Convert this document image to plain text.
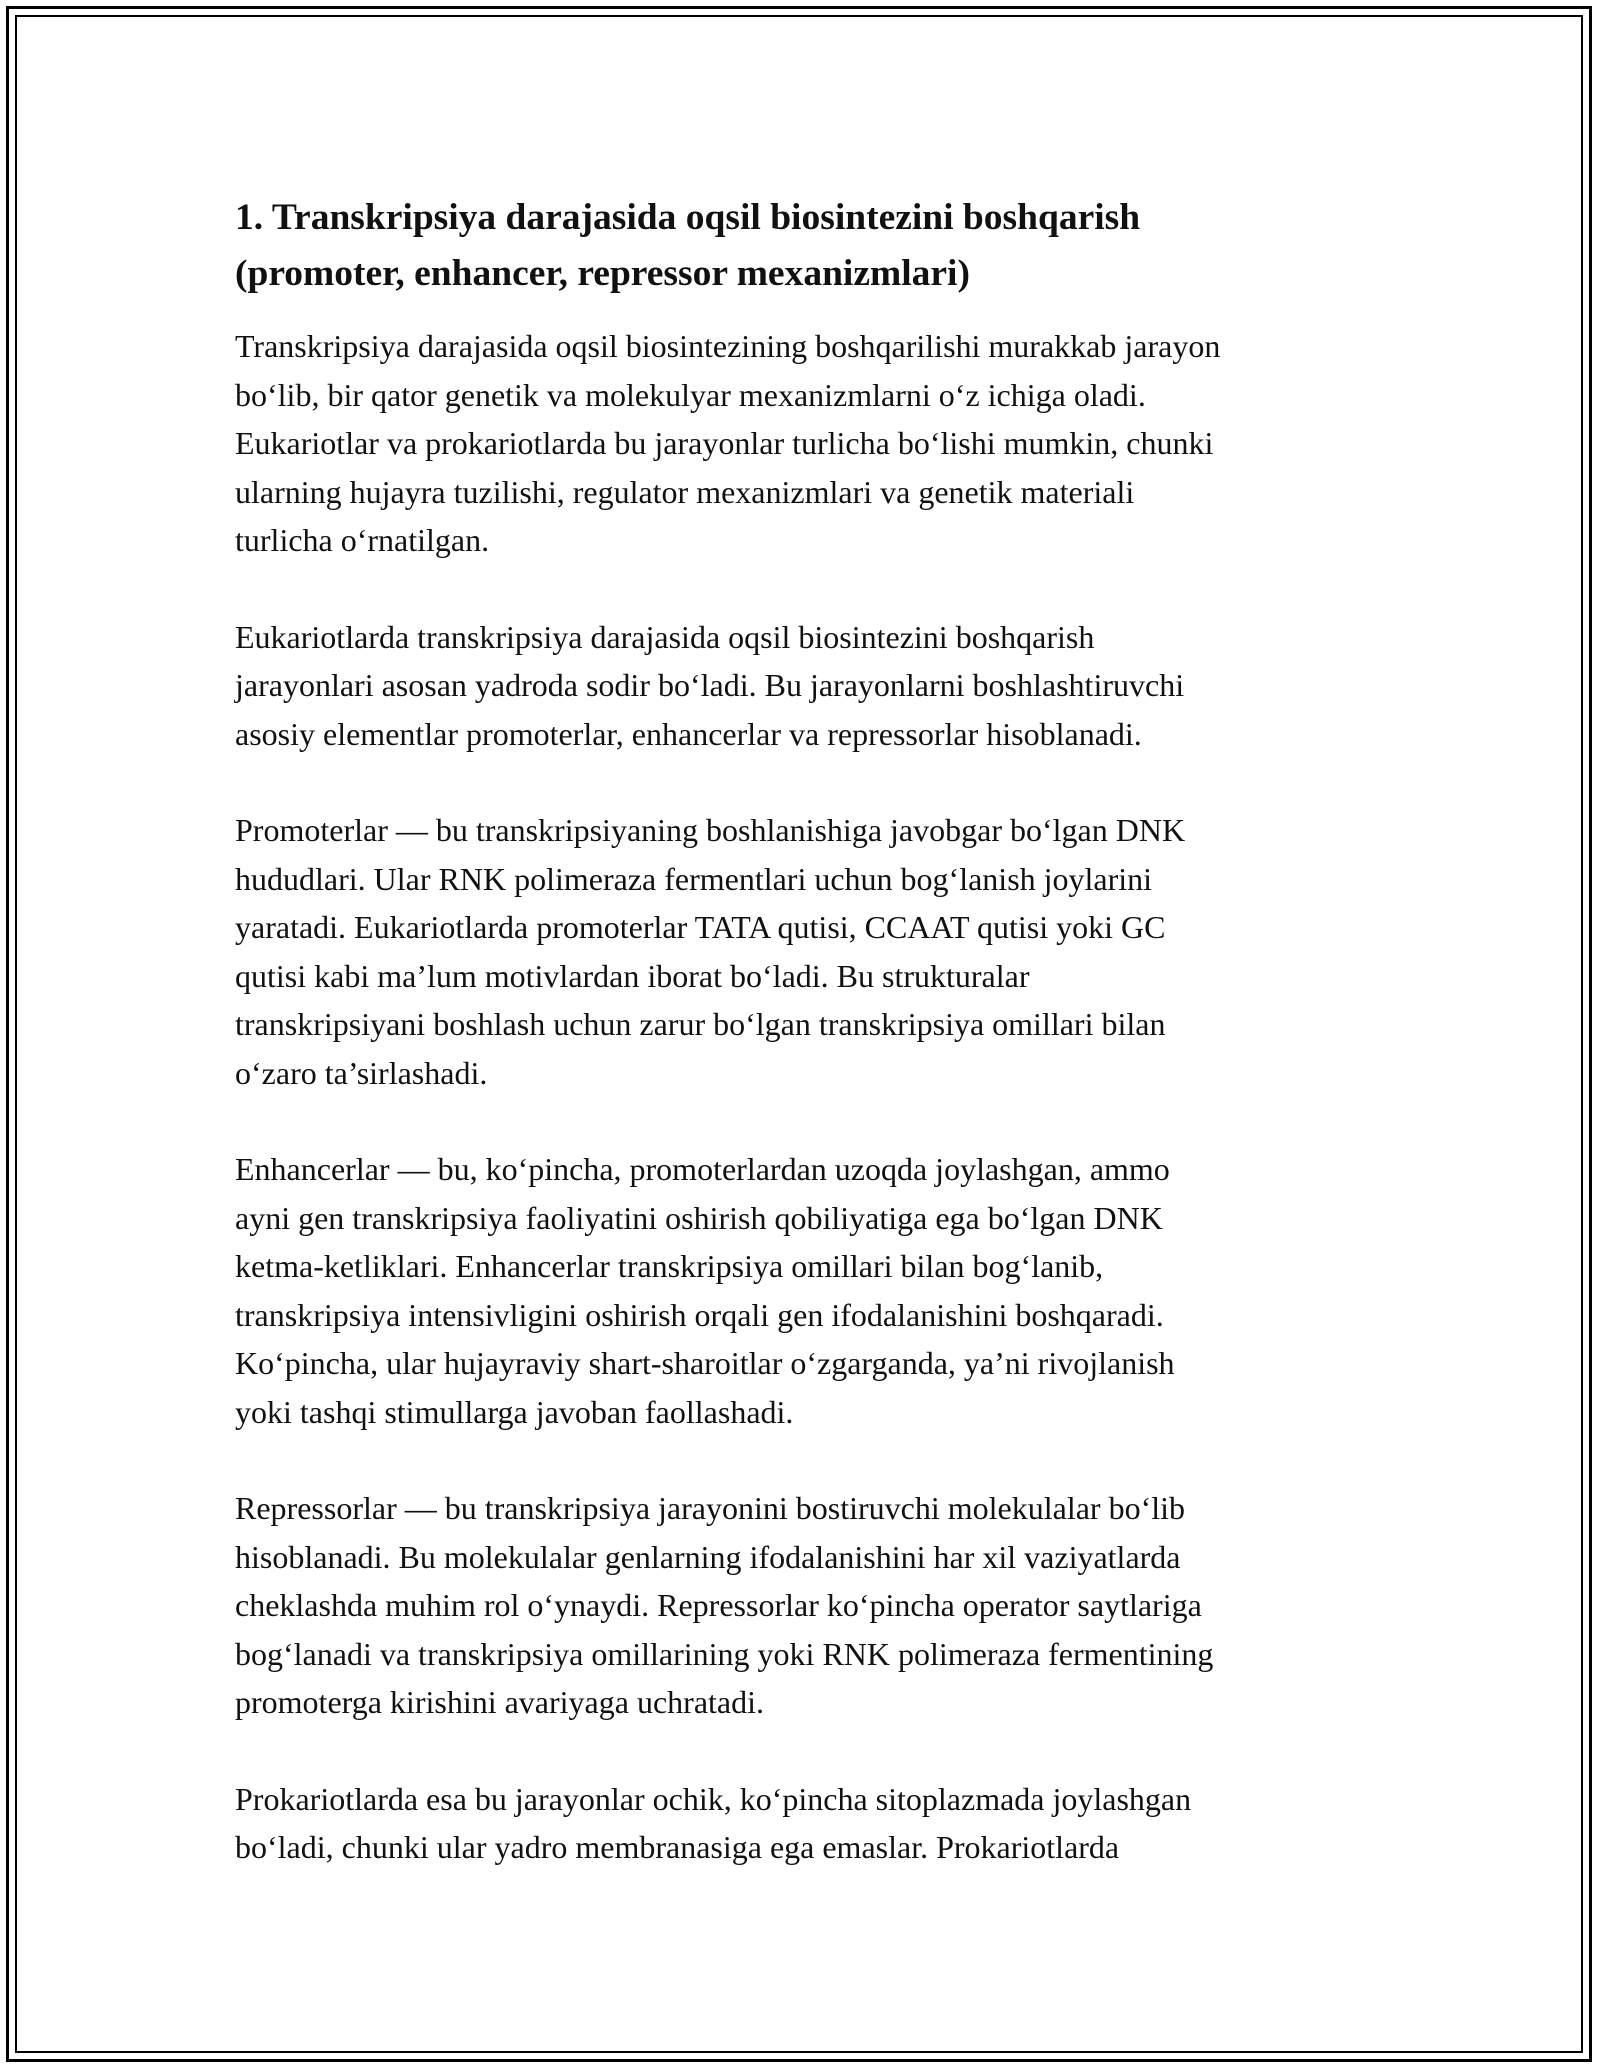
1. Transkripsiya darajasida oqsil biosintezini boshqarish
(promoter, enhancer, repressor mexanizmlari)

Transkripsiya darajasida oqsil biosintezining boshqarilishi murakkab jarayon
bo‘lib, bir qator genetik va molekulyar mexanizmlarni o‘z ichiga oladi.
Eukariotlar va prokariotlarda bu jarayonlar turlicha bo‘lishi mumkin, chunki
ularning hujayra tuzilishi, regulator mexanizmlari va genetik materiali
turlicha o‘rnatilgan.

Eukariotlarda transkripsiya darajasida oqsil biosintezini boshqarish
jarayonlari asosan yadroda sodir bo‘ladi. Bu jarayonlarni boshlashtiruvchi
asosiy elementlar promoterlar, enhancerlar va repressorlar hisoblanadi.

Promoterlar — bu transkripsiyaning boshlanishiga javobgar bo‘lgan DNK
hududlari. Ular RNK polimeraza fermentlari uchun bog‘lanish joylarini
yaratadi. Eukariotlarda promoterlar TATA qutisi, CCAAT qutisi yoki GC
qutisi kabi ma’lum motivlardan iborat bo‘ladi. Bu strukturalar
transkripsiyani boshlash uchun zarur bo‘lgan transkripsiya omillari bilan
o‘zaro ta’sirlashadi.

Enhancerlar — bu, ko‘pincha, promoterlardan uzoqda joylashgan, ammo
ayni gen transkripsiya faoliyatini oshirish qobiliyatiga ega bo‘lgan DNK
ketma-ketliklari. Enhancerlar transkripsiya omillari bilan bog‘lanib,
transkripsiya intensivligini oshirish orqali gen ifodalanishini boshqaradi.
Ko‘pincha, ular hujayraviy shart-sharoitlar o‘zgarganda, ya’ni rivojlanish
yoki tashqi stimullarga javoban faollashadi.

Repressorlar — bu transkripsiya jarayonini bostiruvchi molekulalar bo‘lib
hisoblanadi. Bu molekulalar genlarning ifodalanishini har xil vaziyatlarda
cheklashda muhim rol o‘ynaydi. Repressorlar ko‘pincha operator saytlariga
bog‘lanadi va transkripsiya omillarining yoki RNK polimeraza fermentining
promoterga kirishini avariyaga uchratadi.

Prokariotlarda esa bu jarayonlar ochik, ko‘pincha sitoplazmada joylashgan
bo‘ladi, chunki ular yadro membranasiga ega emaslar. Prokariotlarda
